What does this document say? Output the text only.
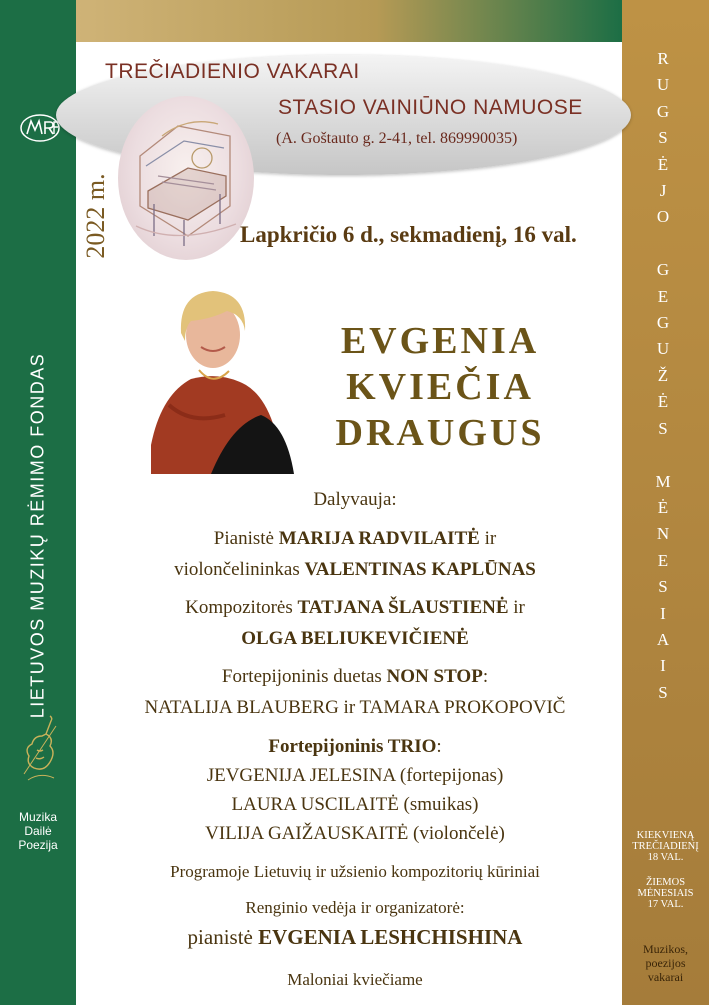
LIETUVOS MUZIKŲ RĖMIMO FONDAS
Muzika
Dailė
Poezija
TREČIADIENIO VAKARAI
STASIO VAINIŪNO NAMUOSE
(A. Goštauto g. 2-41, tel. 869990035)
2022 m.	Lapkričio 6 d., sekmadienį, 16 val.
EVGENIA
KVIEČIA
DRAUGUS
Dalyvauja:
Pianistė MARIJA RADVILAITĖ ir
violončelininkas VALENTINAS KAPLŪNAS
Kompozitorės TATJANA ŠLAUSTIENĖ ir
OLGA BELIUKEVIČIENĖ
Fortepijoninis duetas NON STOP:
NATALIJA BLAUBERG ir TAMARA PROKOPOVIČ
Fortepijoninis TRIO:
JEVGENIJA JELESINA (fortepijonas)
LAURA USCILAITĖ (smuikas)
VILIJA GAIŽAUSKAITĖ (violončelė)
Programoje Lietuvių ir užsienio kompozitorių kūriniai
Renginio vedėja ir organizatorė:
pianistė EVGENIA LESHCHISHINA
Maloniai kviečiame
R
U
G
S
Ė
J
O

G
E
G
U
Ž
Ė
S

M
Ė
N
E
S
I
A
I
S
KIEKVIENĄ
TREČIADIENĮ
18 VAL.
ŽIEMOS
MĖNESIAIS
17 VAL.
Muzikos,
poezijos
vakarai
